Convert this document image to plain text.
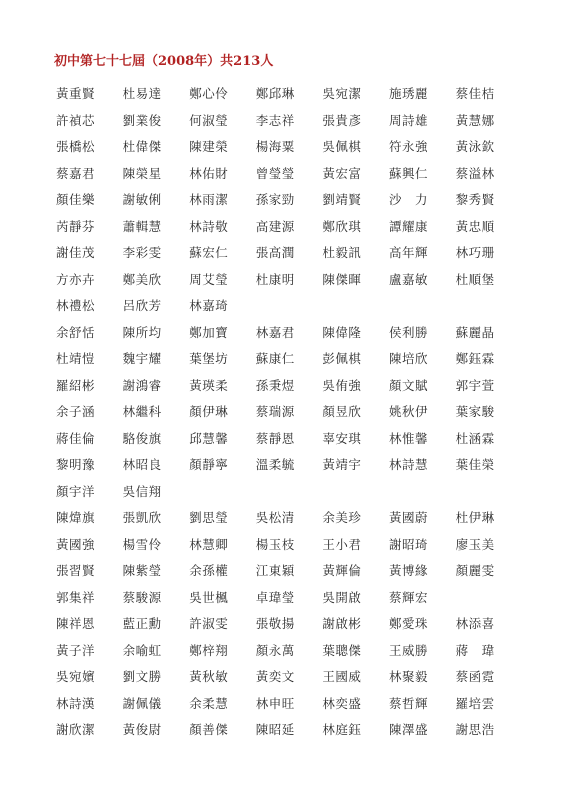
初中第七十七屆（2008年）共213人
黃重賢	杜易達	鄭心伶	鄭邱琳	吳宛潔	施琇麗	蔡佳桔
許禎芯	劉業俊	何淑瑩	李志祥	張貴彥	周詩雄	黃慧娜
張橋松	杜偉傑	陳建榮	楊海粟	吳佩棋	符永強	黃泳欽
蔡嘉君	陳榮星	林佑財	曾瑩瑩	黃宏富	蘇興仁	蔡溢林
顏佳樂	謝敏俐	林雨潔	孫家勁	劉靖賢	沙　力	黎秀賢
芮靜芬	蕭輯慧	林詩敬	高建源	鄭欣琪	譚耀康	黃忠順
謝佳茂	李彩雯	蘇宏仁	張高潤	杜毅訊	高年輝	林巧珊
方亦卉	鄭美欣	周艾瑩	杜康明	陳傑暉	盧嘉敏	杜順堡
林禮松	呂欣芳	林嘉琦
余舒恬	陳所均	鄭加寶	林嘉君	陳偉隆	侯利勝	蘇麗晶
杜靖愷	魏宇耀	葉堡坊	蘇康仁	彭佩棋	陳培欣	鄭鈺霖
羅紹彬	謝鴻睿	黃瑛柔	孫秉煜	吳侑強	顏文賦	郭宇萱
余子涵	林繼科	顏伊琳	蔡瑞源	顏昱欣	姚秋伊	葉家駿
蔣佳倫	駱俊旗	邱慧馨	蔡靜恩	辜安琪	林惟馨	杜涵霖
黎明豫	林昭良	顏靜寧	溫柔毓	黃靖宇	林詩慧	葉佳榮
顏宇洋	吳信翔
陳煒旗	張凱欣	劉思瑩	吳松清	余美珍	黃國蔚	杜伊琳
黃國強	楊雪伶	林慧卿	楊玉枝	王小君	謝昭琦	廖玉美
張習賢	陳紫瑩	余孫權	江東穎	黃輝倫	黃博緣	顏麗雯
郭集祥	蔡駿源	吳世楓	卓瑋瑩	吳開啟	蔡輝宏
陳祥恩	藍正勳	許淑雯	張敬揚	謝啟彬	鄭愛珠	林添喜
黃子洋	余喻虹	鄭梓翔	顏永萬	葉聰傑	王威勝	蔣　瑋
吳宛嬪	劉文勝	黃秋敏	黃奕文	王國威	林聚毅	蔡函霓
林詩漢	謝佩儀	余柔慧	林申旺	林奕盛	蔡哲輝	羅培雲
謝欣潔	黃俊尉	顏善傑	陳昭延	林庭鈺	陳澤盛	謝思浩
